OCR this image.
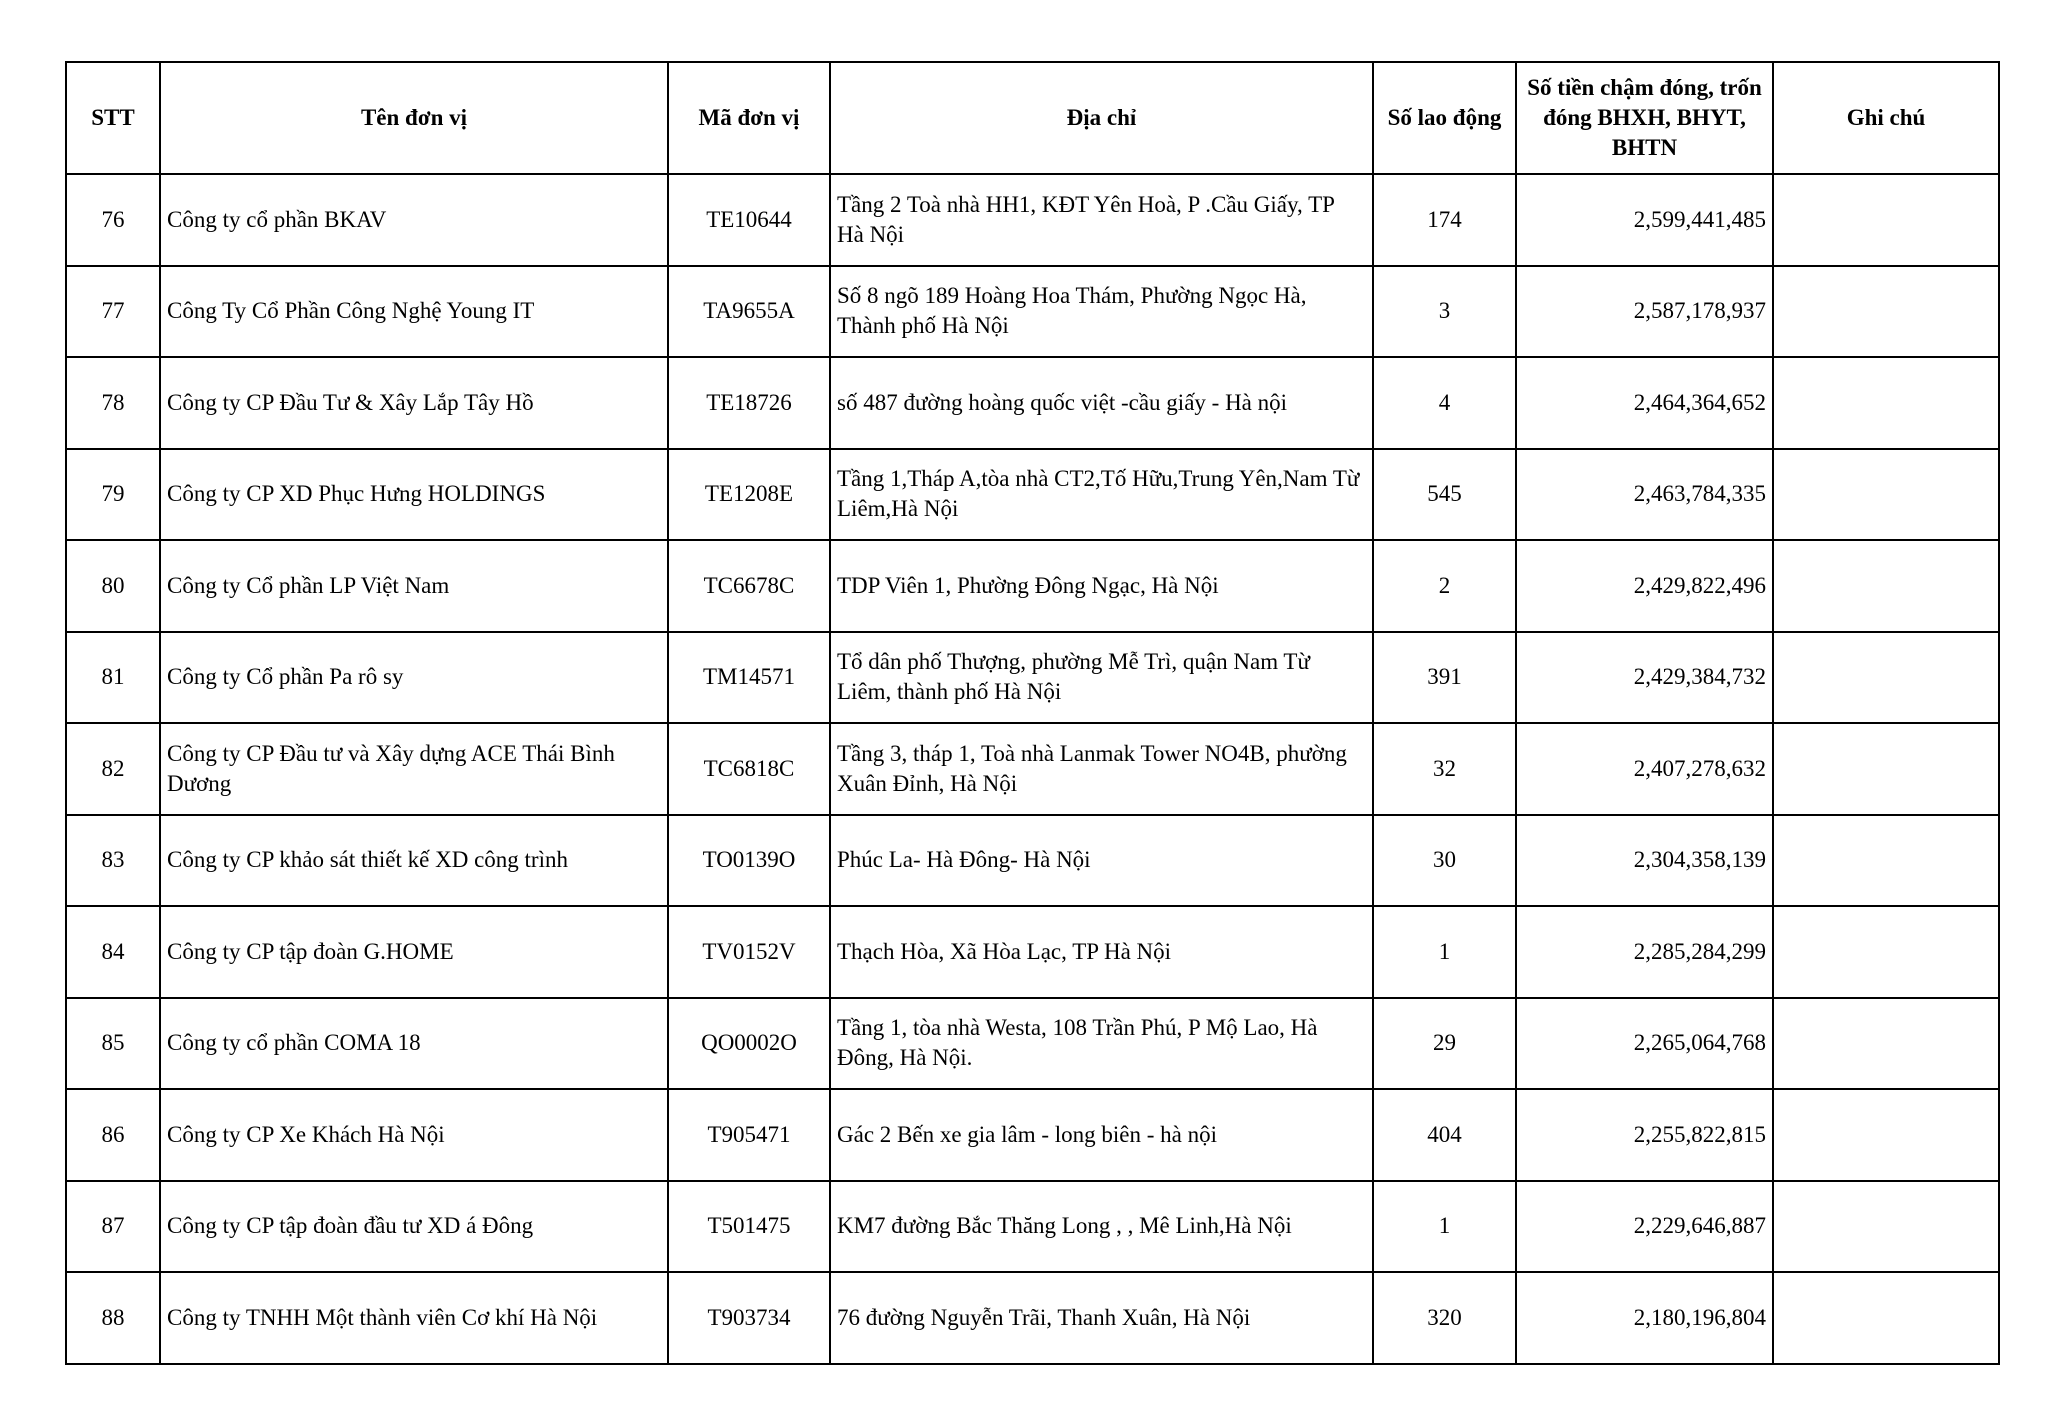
STT	Tên đơn vị	Mã đơn vị	Địa chỉ	Số lao động	Số tiền chậm đóng, trốn đóng BHXH, BHYT, BHTN	Ghi chú
76	Công ty cổ phần BKAV	TE10644	Tầng 2 Toà nhà HH1, KĐT Yên Hoà, P .Cầu Giấy, TP Hà Nội	174	2,599,441,485	
77	Công Ty Cổ Phần Công Nghệ Young IT	TA9655A	Số 8 ngõ 189 Hoàng Hoa Thám, Phường Ngọc Hà, Thành phố Hà Nội	3	2,587,178,937	
78	Công ty CP Đầu Tư & Xây Lắp Tây Hồ	TE18726	số 487 đường hoàng quốc việt -cầu giấy - Hà nội	4	2,464,364,652	
79	Công ty CP XD Phục Hưng HOLDINGS	TE1208E	Tầng 1,Tháp A,tòa nhà CT2,Tố Hữu,Trung Yên,Nam Từ Liêm,Hà Nội	545	2,463,784,335	
80	Công ty Cổ phần LP Việt Nam	TC6678C	TDP Viên 1, Phường Đông Ngạc, Hà Nội	2	2,429,822,496	
81	Công ty Cổ phần Pa rô sy	TM14571	Tổ dân phố Thượng, phường Mễ Trì, quận Nam Từ Liêm, thành phố Hà Nội	391	2,429,384,732	
82	Công ty CP Đầu tư và Xây dựng ACE Thái Bình Dương	TC6818C	Tầng 3, tháp 1, Toà nhà Lanmak Tower NO4B, phường Xuân Đỉnh, Hà Nội	32	2,407,278,632	
83	Công ty CP khảo sát thiết kế XD công trình	TO0139O	Phúc La- Hà Đông- Hà Nội	30	2,304,358,139	
84	Công ty CP tập đoàn G.HOME	TV0152V	Thạch Hòa, Xã Hòa Lạc, TP Hà Nội	1	2,285,284,299	
85	Công ty cổ phần COMA 18	QO0002O	Tầng 1, tòa nhà Westa, 108 Trần Phú, P Mộ Lao, Hà Đông, Hà Nội.	29	2,265,064,768	
86	Công ty CP Xe Khách Hà Nội	T905471	Gác 2 Bến xe gia lâm - long biên - hà nội	404	2,255,822,815	
87	Công ty CP tập đoàn đầu tư XD á Đông	T501475	KM7 đường Bắc Thăng Long , , Mê Linh,Hà Nội	1	2,229,646,887	
88	Công ty TNHH Một thành viên Cơ khí Hà Nội	T903734	76 đường Nguyễn Trãi, Thanh Xuân, Hà Nội	320	2,180,196,804	
